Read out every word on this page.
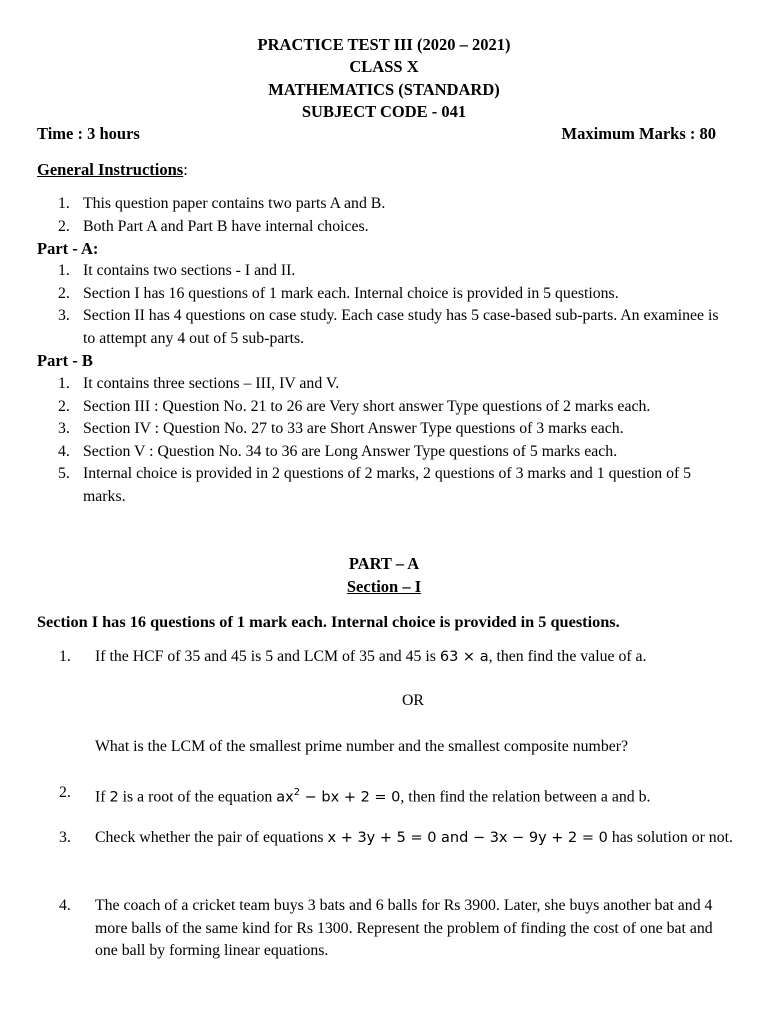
PRACTICE TEST III (2020 – 2021)
CLASS X
MATHEMATICS (STANDARD)
SUBJECT CODE - 041
Time : 3 hours	Maximum Marks : 80
General Instructions:
1. This question paper contains two parts A and B.
2. Both Part A and Part B have internal choices.
Part - A:
1. It contains two sections - I and II.
2. Section I has 16 questions of 1 mark each. Internal choice is provided in 5 questions.
3. Section II has 4 questions on case study. Each case study has 5 case-based sub-parts. An examinee is to attempt any 4 out of 5 sub-parts.
Part - B
1. It contains three sections – III, IV and V.
2. Section III : Question No. 21 to 26 are Very short answer Type questions of 2 marks each.
3. Section IV : Question No. 27 to 33 are Short Answer Type questions of 3 marks each.
4. Section V : Question No. 34 to 36 are Long Answer Type questions of 5 marks each.
5. Internal choice is provided in 2 questions of 2 marks, 2 questions of 3 marks and 1 question of 5 marks.
PART – A
Section – I
Section I has 16 questions of 1 mark each. Internal choice is provided in 5 questions.
1. If the HCF of 35 and 45 is 5 and LCM of 35 and 45 is 63 × a, then find the value of a.
OR
What is the LCM of the smallest prime number and the smallest composite number?
2. If 2 is a root of the equation $ax^2$ − bx + 2 = 0, then find the relation between a and b.
3. Check whether the pair of equations x + 3y + 5 = 0 and − 3x − 9y + 2 = 0 has solution or not.
4. The coach of a cricket team buys 3 bats and 6 balls for Rs 3900. Later, she buys another bat and 4 more balls of the same kind for Rs 1300. Represent the problem of finding the cost of one bat and one ball by forming linear equations.
